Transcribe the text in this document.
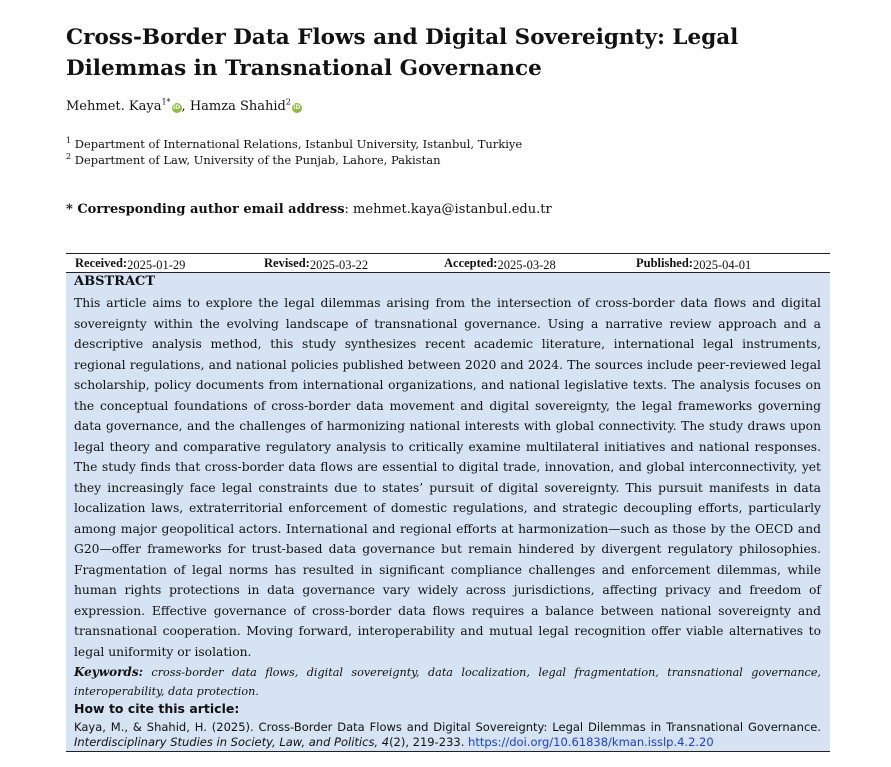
Cross-Border Data Flows and Digital Sovereignty: Legal Dilemmas in Transnational Governance
Mehmet. Kaya$^{1*}$iD, Hamza Shahid$^2$iD
$^1$ Department of International Relations, Istanbul University, Istanbul, Turkiye
$^2$ Department of Law, University of the Punjab, Lahore, Pakistan
* Corresponding author email address: mehmet.kaya@istanbul.edu.tr
Received: 2025-01-29	Revised: 2025-03-22	Accepted: 2025-03-28	Published: 2025-04-01
ABSTRACT

This article aims to explore the legal dilemmas arising from the intersection of cross-border data flows and digital sovereignty within the evolving landscape of transnational governance. Using a narrative review approach and a descriptive analysis method, this study synthesizes recent academic literature, international legal instruments, regional regulations, and national policies published between 2020 and 2024. The sources include peer-reviewed legal scholarship, policy documents from international organizations, and national legislative texts. The analysis focuses on the conceptual foundations of cross-border data movement and digital sovereignty, the legal frameworks governing data governance, and the challenges of harmonizing national interests with global connectivity. The study draws upon legal theory and comparative regulatory analysis to critically examine multilateral initiatives and national responses. The study finds that cross-border data flows are essential to digital trade, innovation, and global interconnectivity, yet they increasingly face legal constraints due to states’ pursuit of digital sovereignty. This pursuit manifests in data localization laws, extraterritorial enforcement of domestic regulations, and strategic decoupling efforts, particularly among major geopolitical actors. International and regional efforts at harmonization—such as those by the OECD and G20—offer frameworks for trust-based data governance but remain hindered by divergent regulatory philosophies. Fragmentation of legal norms has resulted in significant compliance challenges and enforcement dilemmas, while human rights protections in data governance vary widely across jurisdictions, affecting privacy and freedom of expression. Effective governance of cross-border data flows requires a balance between national sovereignty and transnational cooperation. Moving forward, interoperability and mutual legal recognition offer viable alternatives to legal uniformity or isolation.

Keywords: cross-border data flows, digital sovereignty, data localization, legal fragmentation, transnational governance, interoperability, data protection.

How to cite this article:

Kaya, M., & Shahid, H. (2025). Cross-Border Data Flows and Digital Sovereignty: Legal Dilemmas in Transnational Governance. Interdisciplinary Studies in Society, Law, and Politics, 4(2), 219-233. https://doi.org/10.61838/kman.isslp.4.2.20
